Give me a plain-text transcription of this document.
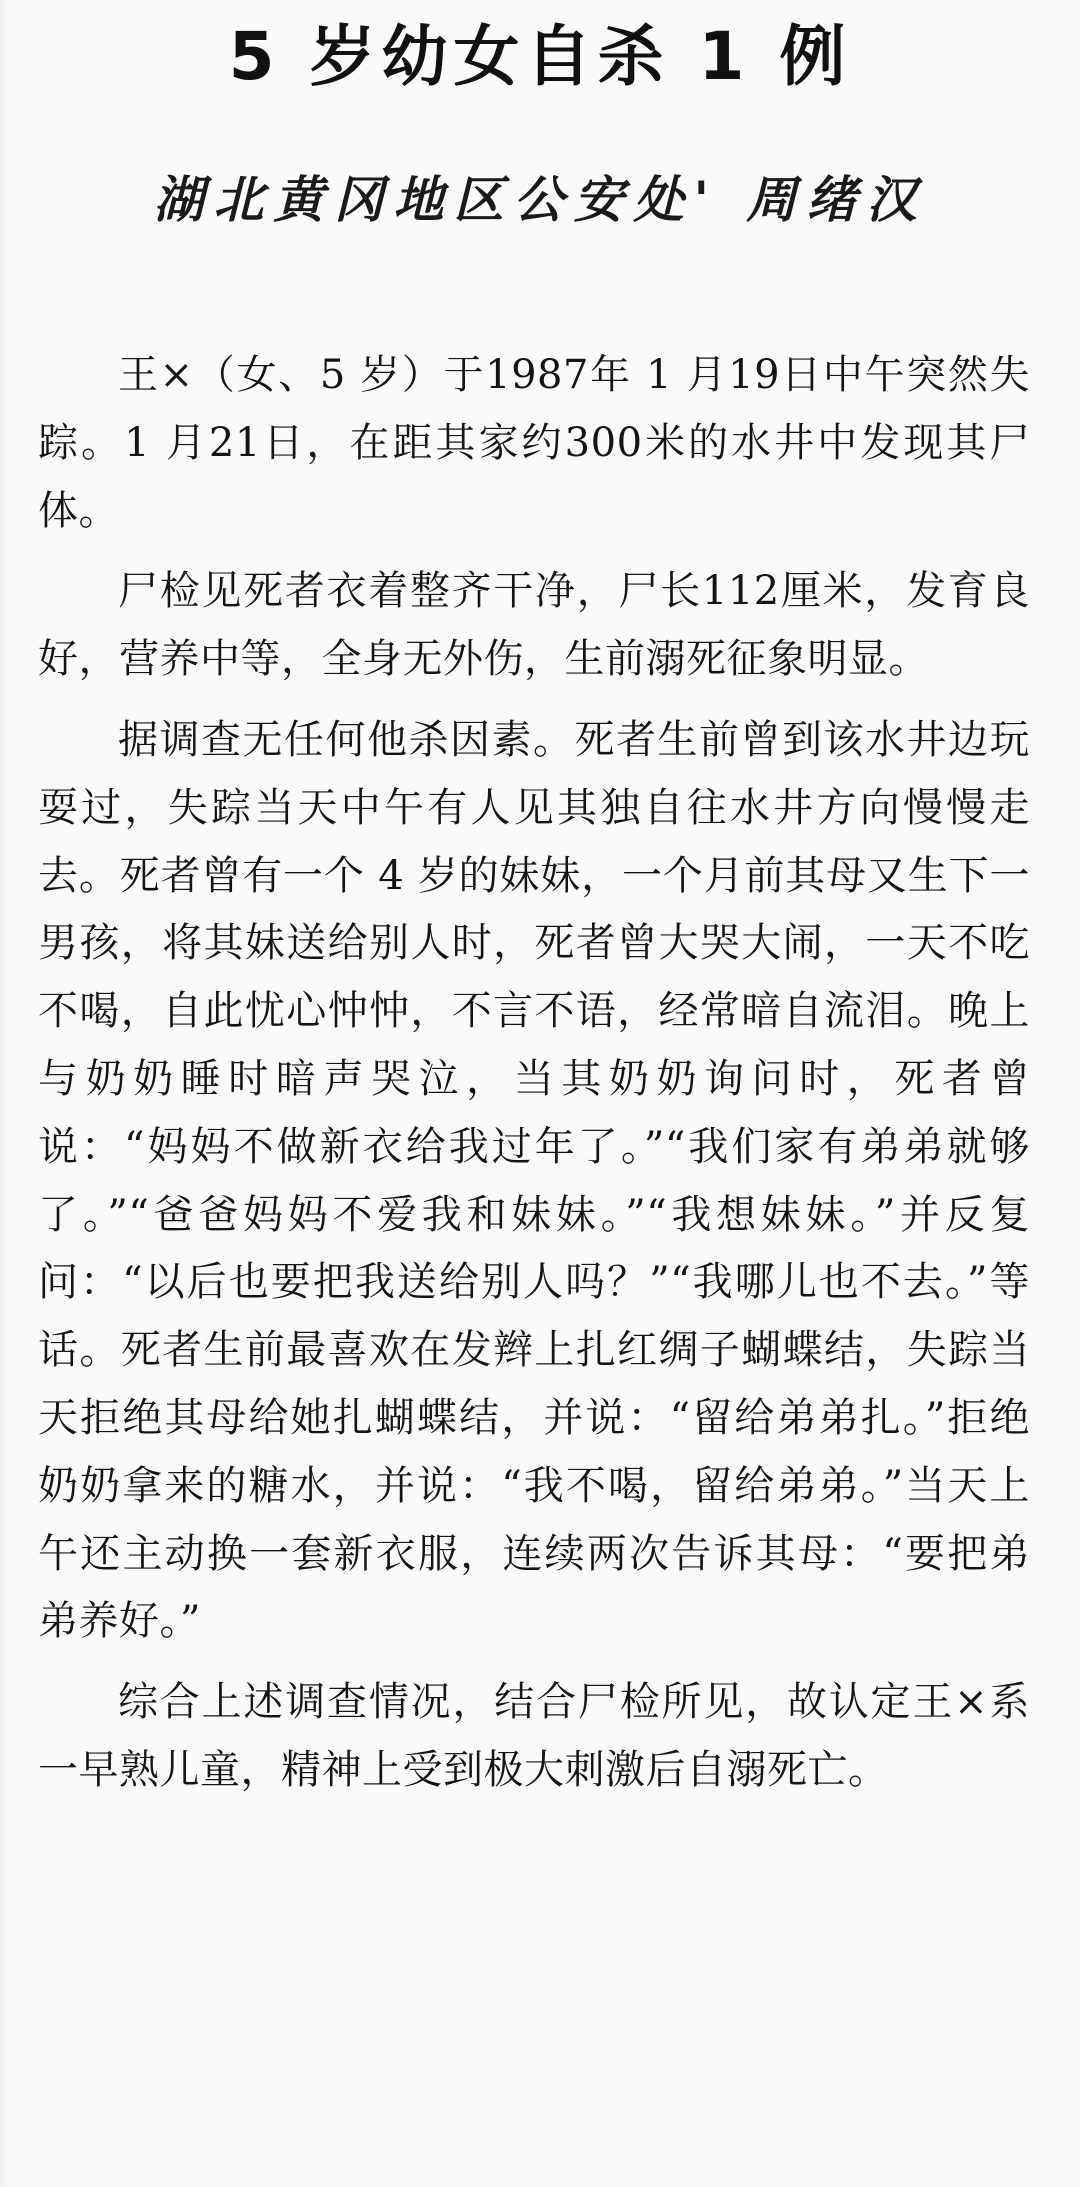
5 岁幼女自杀 1 例
湖北黄冈地区公安处' 周绪汉

王×（女、5 岁）于1987年 1 月19日中午突然失踪。1 月21日，在距其家约300米的水井中发现其尸体。

尸检见死者衣着整齐干净，尸长112厘米，发育良好，营养中等，全身无外伤，生前溺死征象明显。

据调查无任何他杀因素。死者生前曾到该水井边玩耍过，失踪当天中午有人见其独自往水井方向慢慢走去。死者曾有一个 4 岁的妹妹，一个月前其母又生下一男孩，将其妹送给别人时，死者曾大哭大闹，一天不吃不喝，自此忧心忡忡，不言不语，经常暗自流泪。晚上与奶奶睡时暗声哭泣，当其奶奶询问时，死者曾说：“妈妈不做新衣给我过年了。”“我们家有弟弟就够了。”“爸爸妈妈不爱我和妹妹。”“我想妹妹。”并反复问：“以后也要把我送给别人吗？”“我哪儿也不去。”等话。死者生前最喜欢在发辫上扎红绸子蝴蝶结，失踪当天拒绝其母给她扎蝴蝶结，并说：“留给弟弟扎。”拒绝奶奶拿来的糖水，并说：“我不喝，留给弟弟。”当天上午还主动换一套新衣服，连续两次告诉其母：“要把弟弟养好。”

综合上述调查情况，结合尸检所见，故认定王×系一早熟儿童，精神上受到极大刺激后自溺死亡。
